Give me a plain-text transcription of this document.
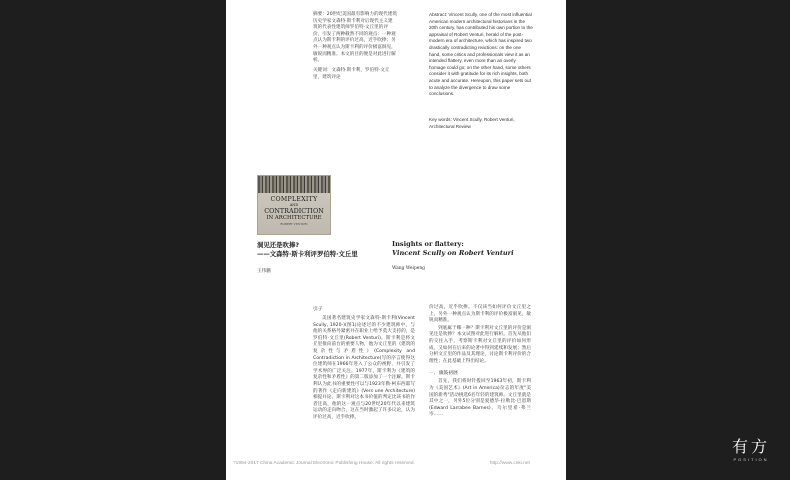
摘要：20世纪美国最有影响力的现代建筑历史学家文森特·斯卡利对后现代主义建筑的代表性建筑师罗伯特·文丘里的评价，引发了两种截然不同的观点：一种观点认为斯卡利的评价过高，近乎吹捧；另外一种观点认为斯卡利的评价极富洞见，敏锐而精准。本文的目的便是对此进行解析。
关键词：文森特·斯卡利，罗伯特·文丘里，建筑评论
Abstract: Vincent Scully, one of the most influential American modern architectural historians in the 20th century, has contributed his own portion to the appraisal of Robert Venturi, herald of the post-modern era of architecture, which has inspired two drastically contradicting reactions: on the one hand, some critics and professionals view it as an intended flattery, even more than an overly homage could go; on the other hand, some others consider it with gratitude for its rich insights, both acute and accurate. Hereupon, this paper sets out to analyze the divergence to draw some conclusions.
Key words: Vincent Scully, Robert Venturi, Architectural Review
COMPLEXITY
AND
CONTRADICTION
IN ARCHITECTURE
ROBERT VENTURI
洞见还是吹捧?
——文森特·斯卡利评罗伯特·文丘里
Insights or flattery:
Vincent Scully on Robert Venturi
王伟鹏
Wang Weipeng
引子

美国著名建筑史学家文森特·斯卡利(Vincent Scully, 1920-)(图1)论述过的不少建筑师中，与他的关系格外紧密并在职业上给予莫大支持的，是罗伯特·文丘里(Robert Venturi)。斯卡利是将文丘里推向前台的重要人物，他为文丘里的《建筑的复杂性与矛盾性》(Complexity and Contradiction in Architecture)写的序言使得这位建筑师在1966年进入了公众的视野，并引发了学术界的广泛关注。1977年，斯卡利为《建筑的复杂性和矛盾性》的第二版添加了一个注解。斯卡利认为此书的重要性可以与1923年勒·柯布西耶写的著作《走向新建筑》(Vers une Architecture)相提并论。斯卡利对这本书价值的判定比该书的作者还高，他的这一观点与20世纪20年代以来建筑运动的走向吻合，这在当时激起了许多议论，认为评价过高，近乎吹捧。

价过高，近乎吹捧。不仅该当如何评价文丘里之上，另外一种观点认为斯卡利的评价极富洞见，敏锐而精准。

到底属于哪一种？斯卡利对文丘里的评价是洞见还是吹捧？本文试图对此进行解析。首先从他们的交往入手，考察斯卡利对文丘里的评价如何形成，又如何在后来的论著中得到延续和发展；然后分析文丘里的作品及其理论，讨论斯卡利评价的合理性；在此基础上得出结论。

一、旗鼓初展

首先，我们将时针拨回至1963年初，斯卡利为《美国艺术》(Art in America)杂志的年度"美国的新秀"活动挑选6名年轻的建筑师。文丘里就是其中之一，另外5位分别是爱德华·拉勒比·巴恩斯(Edward Larrabee Barnes)、乌尔里希·弗兰岑……

?1994-2017 China Academic Journal Electronic Publishing House. All rights reserved.	http://www.cnki.net
有方
POSITION
